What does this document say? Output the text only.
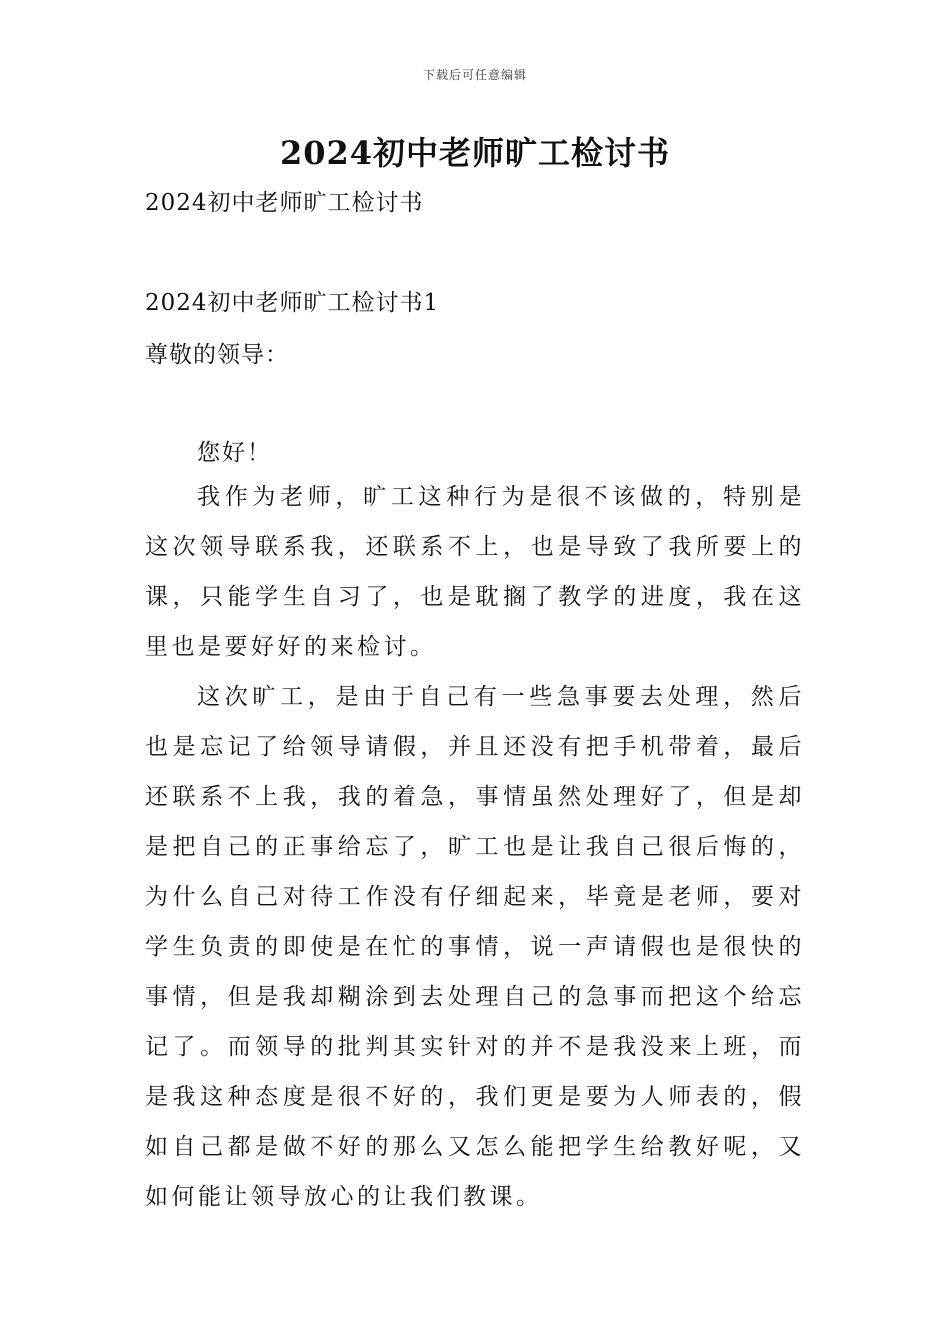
下载后可任意编辑
2024初中老师旷工检讨书
2024初中老师旷工检讨书
2024初中老师旷工检讨书1
尊敬的领导：
您好！

我作为老师，旷工这种行为是很不该做的，特别是这次领导联系我，还联系不上，也是导致了我所要上的课，只能学生自习了，也是耽搁了教学的进度，我在这里也是要好好的来检讨。

这次旷工，是由于自己有一些急事要去处理，然后也是忘记了给领导请假，并且还没有把手机带着，最后还联系不上我，我的着急，事情虽然处理好了，但是却是把自己的正事给忘了，旷工也是让我自己很后悔的，为什么自己对待工作没有仔细起来，毕竟是老师，要对学生负责的即使是在忙的事情，说一声请假也是很快的事情，但是我却糊涂到去处理自己的急事而把这个给忘记了。而领导的批判其实针对的并不是我没来上班，而是我这种态度是很不好的，我们更是要为人师表的，假如自己都是做不好的那么又怎么能把学生给教好呢，又如何能让领导放心的让我们教课。
